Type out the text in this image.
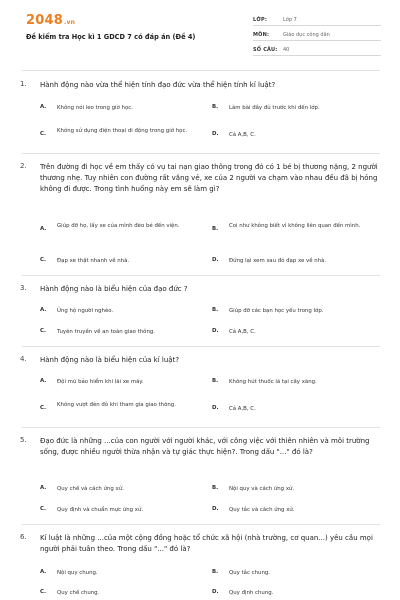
2048.vn
Đề kiểm tra Học kì 1 GDCD 7 có đáp án (Đề 4)
LỚP:	Lớp 7
MÔN:	Giáo dục công dân
SỐ CÂU: 40
1. Hành động nào vừa thể hiện tính đạo đức vừa thể hiện tính kỉ luật?
A. Không nói leo trong giờ học.	B. Làm bài đầy đủ trước khi đến lớp.
C. Không sử dụng điện thoại di động trong giờ học.	D. Cả A,B, C.
2. Trên đường đi học về em thấy có vụ tai nạn giao thông trong đó có 1 bé bị thương nặng, 2 người thương nhẹ. Tuy nhiên con đường rất vắng vẻ, xe của 2 người va chạm vào nhau đều đã bị hỏng không đi được. Trong tình huống này em sẽ làm gì?
A. Giúp đỡ họ, lấy xe của mình đèo bé đến viện.	B. Coi như không biết vì không liên quan đến mình.
C. Đạp xe thật nhanh về nhà.	D. Đứng lại xem sau đó đạp xe về nhà.
3. Hành động nào là biểu hiện của đạo đức ?
A. Ủng hộ người nghèo.	B. Giúp đỡ các bạn học yếu trong lớp.
C. Tuyên truyền về an toàn giao thông.	D. Cả A,B, C.
4. Hành động nào là biểu hiện của kỉ luật?
A. Đội mũ bảo hiểm khi lái xe máy.	B. Không hút thuốc lá tại cây xăng.
C. Không vượt đèn đỏ khi tham gia giao thông.	D. Cả A,B, C.
5. Đạo đức là những ...của con người với người khác, với công việc với thiên nhiên và môi trường sống, được nhiều người thừa nhận và tự giác thực hiện?. Trong dấu "..." đó là?
A. Quy chế và cách ứng xử.	B. Nội quy và cách ứng xử.
C. Quy định và chuẩn mực ứng xử.	D. Quy tắc và cách ứng xử.
6. Kỉ luật là những ...của một cộng đồng hoặc tổ chức xã hội (nhà trường, cơ quan...) yêu cầu mọi người phải tuân theo. Trong dấu "..." đó là?
A. Nội quy chung.	B. Quy tắc chung.
C. Quy chế chung.	D. Quy định chung.
